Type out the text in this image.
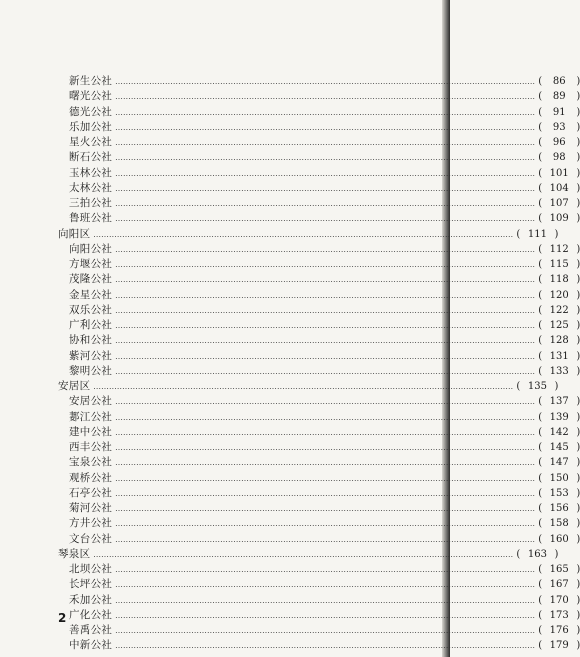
新生公社 ................................................................................................................................................................ (	86	)
曙光公社 ................................................................................................................................................................ (	89	)
德光公社 ................................................................................................................................................................ (	91	)
乐加公社 ................................................................................................................................................................ (	93	)
星火公社 ................................................................................................................................................................ (	96	)
断石公社 ................................................................................................................................................................ (	98	)
玉林公社 ................................................................................................................................................................ ( 101 )
太林公社 ................................................................................................................................................................ ( 104 )
三拍公社 ................................................................................................................................................................ ( 107 )
鲁班公社 ................................................................................................................................................................ ( 109 )
向阳区 ................................................................................................................................................................ ( 111 )
向阳公社 ................................................................................................................................................................ ( 112 )
方堰公社 ................................................................................................................................................................ ( 115 )
茂隆公社 ................................................................................................................................................................ ( 118 )
金星公社 ................................................................................................................................................................ ( 120 )
双乐公社 ................................................................................................................................................................ ( 122 )
广利公社 ................................................................................................................................................................ ( 125 )
协和公社 ................................................................................................................................................................ ( 128 )
紫河公社 ................................................................................................................................................................ ( 131 )
黎明公社 ................................................................................................................................................................ ( 133 )
安居区 ................................................................................................................................................................ ( 135 )
安居公社 ................................................................................................................................................................ ( 137 )
郪江公社 ................................................................................................................................................................ ( 139 )
建中公社 ................................................................................................................................................................ ( 142 )
西丰公社 ................................................................................................................................................................ ( 145 )
宝泉公社 ................................................................................................................................................................ ( 147 )
观桥公社 ................................................................................................................................................................ ( 150 )
石亭公社 ................................................................................................................................................................ ( 153 )
菊河公社 ................................................................................................................................................................ ( 156 )
方井公社 ................................................................................................................................................................ ( 158 )
文台公社 ................................................................................................................................................................ ( 160 )
琴泉区 ................................................................................................................................................................ ( 163 )
北坝公社 ................................................................................................................................................................ ( 165 )
长坪公社 ................................................................................................................................................................ ( 167 )
禾加公社 ................................................................................................................................................................ ( 170 )
广化公社 ................................................................................................................................................................ ( 173 )
善禹公社 ................................................................................................................................................................ ( 176 )
中新公社 ................................................................................................................................................................ ( 179 )
2
